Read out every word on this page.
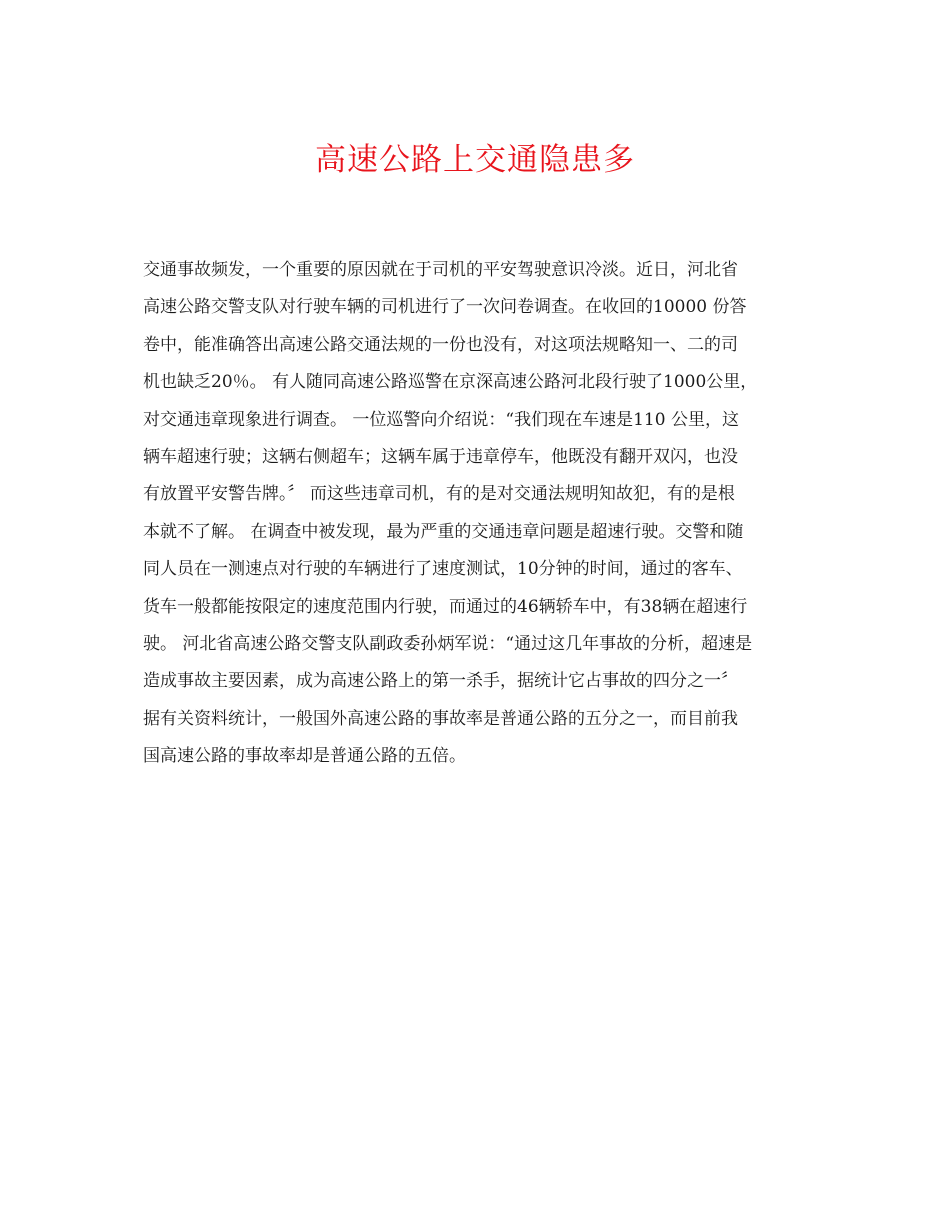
高速公路上交通隐患多
交通事故频发，一个重要的原因就在于司机的平安驾驶意识冷淡。近日，河北省
高速公路交警支队对行驶车辆的司机进行了一次问卷调查。在收回的10000 份答
卷中，能准确答出高速公路交通法规的一份也没有，对这项法规略知一、二的司
机也缺乏20％。 有人随同高速公路巡警在京深高速公路河北段行驶了1000公里，
对交通违章现象进行调查。 一位巡警向介绍说：“我们现在车速是110 公里，这
辆车超速行驶；这辆右侧超车；这辆车属于违章停车，他既没有翻开双闪，也没
有放置平安警告牌。〞 而这些违章司机，有的是对交通法规明知故犯，有的是根
本就不了解。 在调查中被发现，最为严重的交通违章问题是超速行驶。交警和随
同人员在一测速点对行驶的车辆进行了速度测试，10分钟的时间，通过的客车、
货车一般都能按限定的速度范围内行驶，而通过的46辆轿车中，有38辆在超速行
驶。 河北省高速公路交警支队副政委孙炳军说：“通过这几年事故的分析，超速是
造成事故主要因素，成为高速公路上的第一杀手，据统计它占事故的四分之一〞
据有关资料统计，一般国外高速公路的事故率是普通公路的五分之一，而目前我
国高速公路的事故率却是普通公路的五倍。
